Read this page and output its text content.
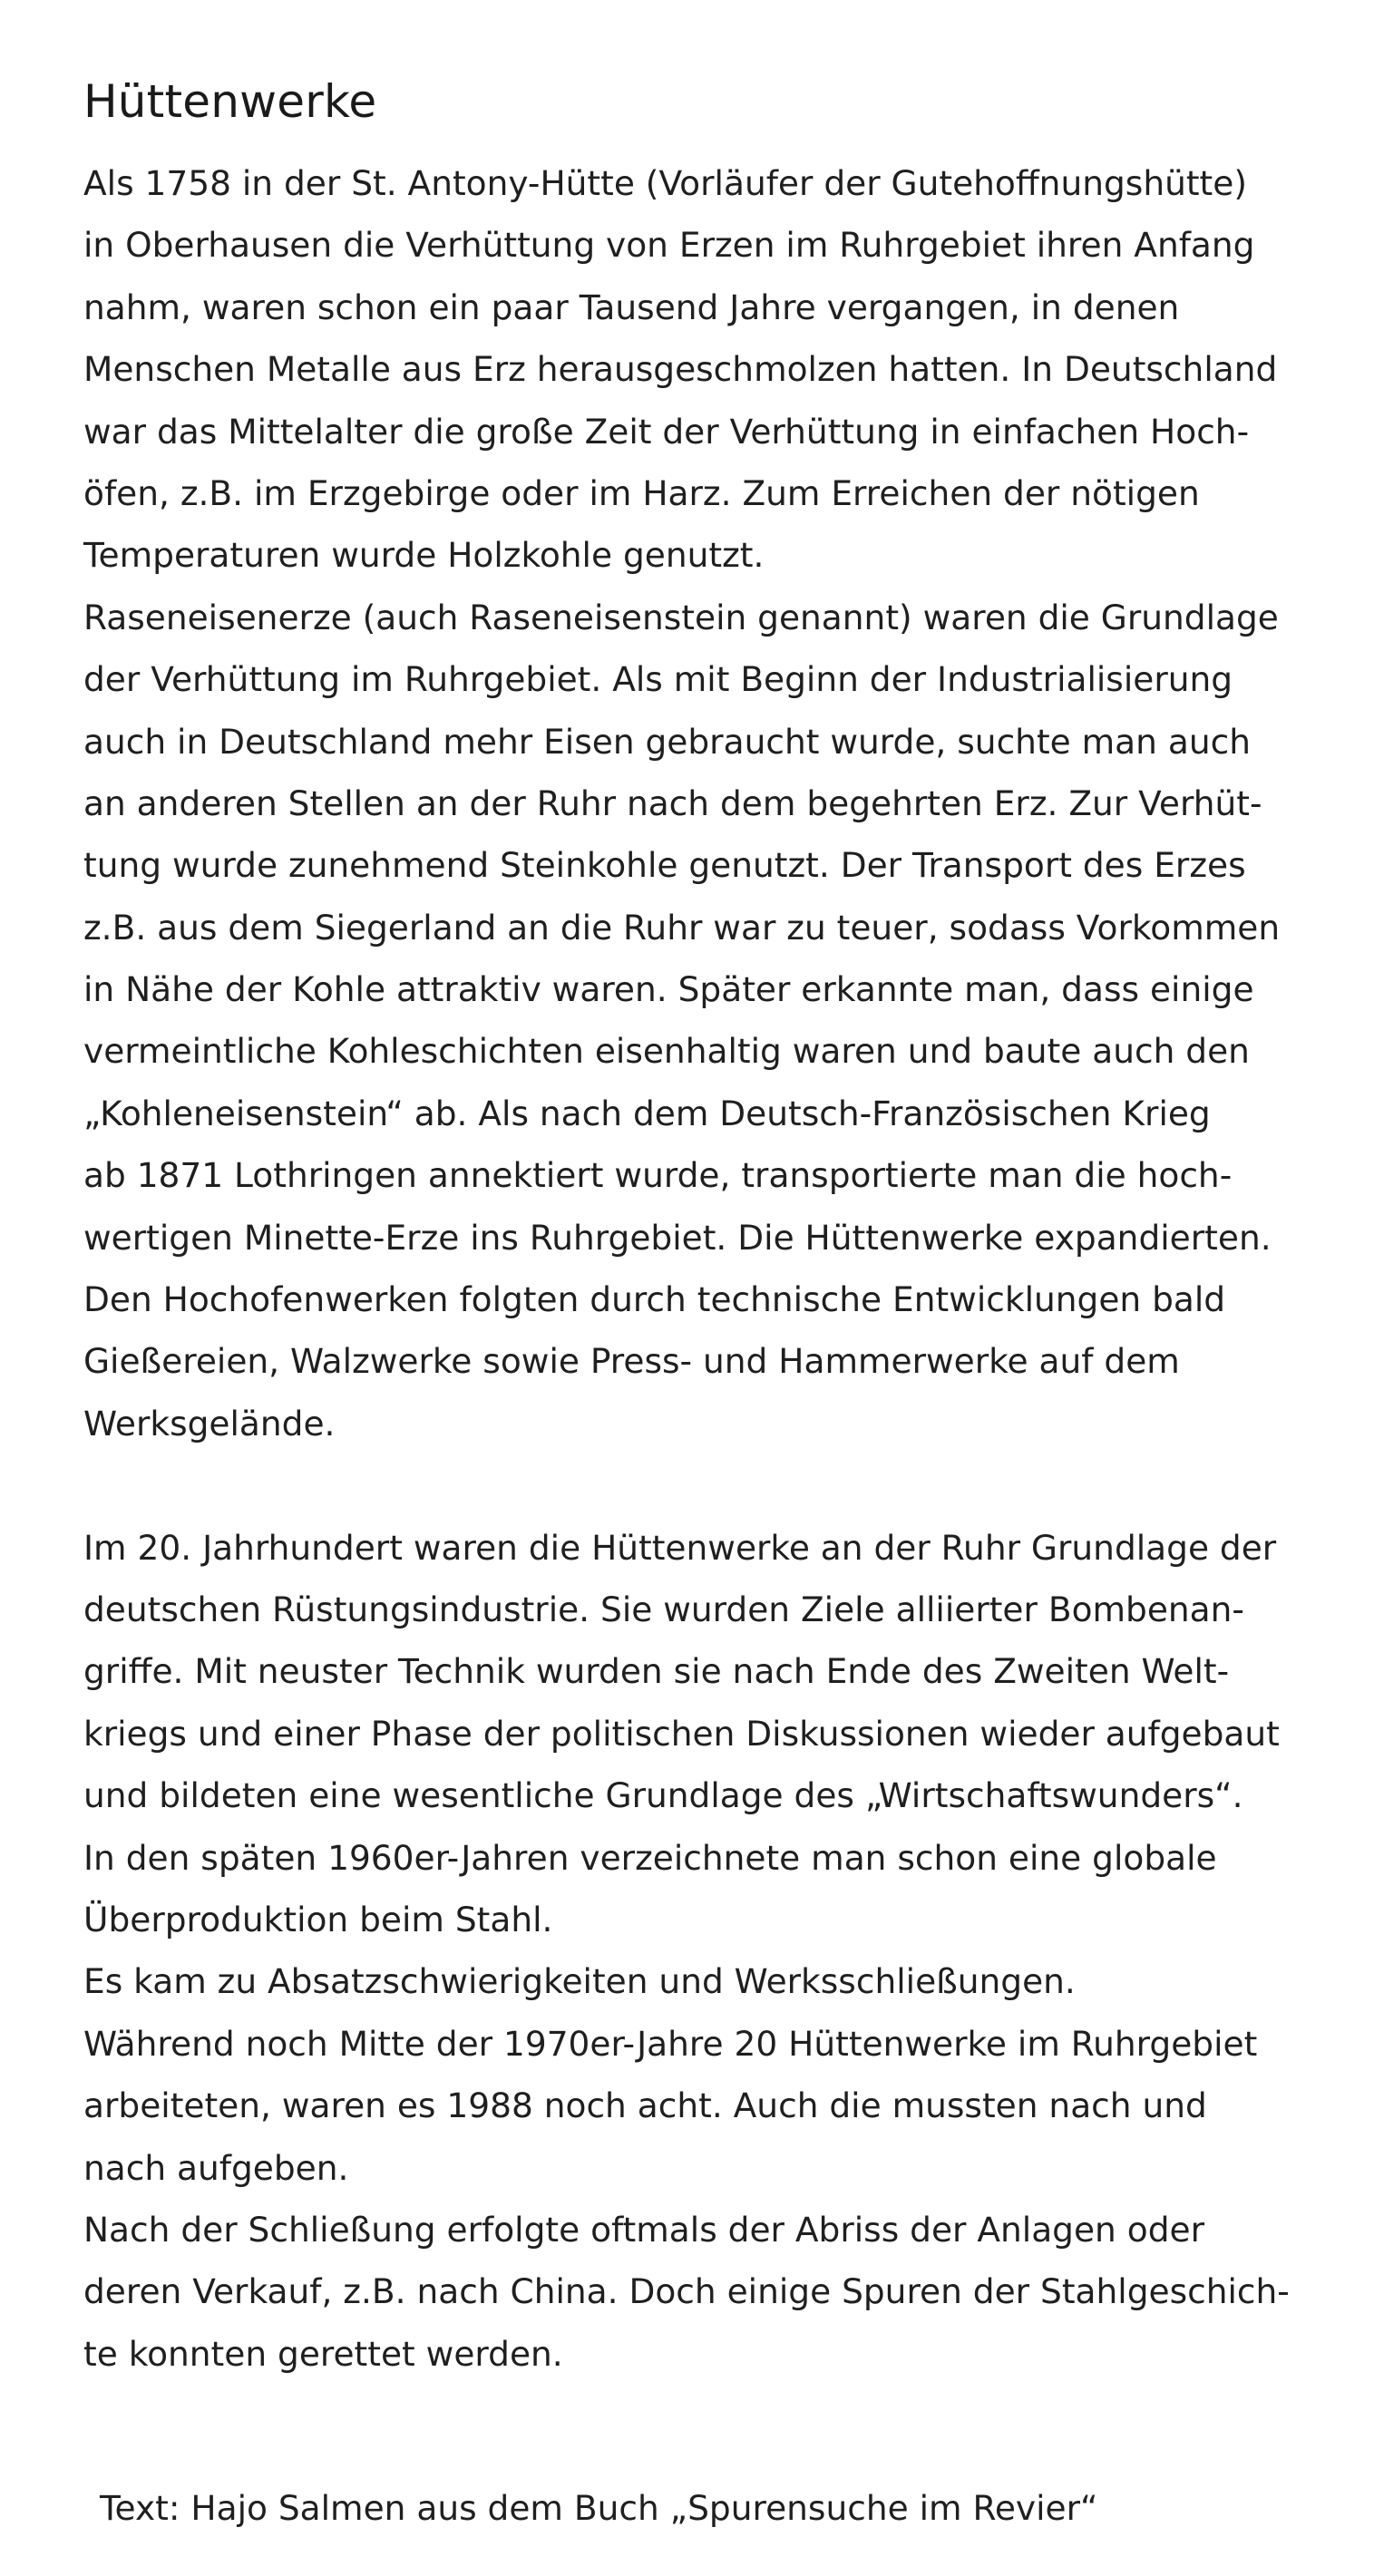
Hüttenwerke
Als 1758 in der St. Antony-Hütte (Vorläufer der Gutehoffnungshütte)
in Oberhausen die Verhüttung von Erzen im Ruhrgebiet ihren Anfang
nahm, waren schon ein paar Tausend Jahre vergangen, in denen
Menschen Metalle aus Erz herausgeschmolzen hatten. In Deutschland
war das Mittelalter die große Zeit der Verhüttung in einfachen Hoch-
öfen, z.B. im Erzgebirge oder im Harz. Zum Erreichen der nötigen
Temperaturen wurde Holzkohle genutzt.
Raseneisenerze (auch Raseneisenstein genannt) waren die Grundlage
der Verhüttung im Ruhrgebiet. Als mit Beginn der Industrialisierung
auch in Deutschland mehr Eisen gebraucht wurde, suchte man auch
an anderen Stellen an der Ruhr nach dem begehrten Erz. Zur Verhüt-
tung wurde zunehmend Steinkohle genutzt. Der Transport des Erzes
z.B. aus dem Siegerland an die Ruhr war zu teuer, sodass Vorkommen
in Nähe der Kohle attraktiv waren. Später erkannte man, dass einige
vermeintliche Kohleschichten eisenhaltig waren und baute auch den
„Kohleneisenstein“ ab. Als nach dem Deutsch-Französischen Krieg
ab 1871 Lothringen annektiert wurde, transportierte man die hoch-
wertigen Minette-Erze ins Ruhrgebiet. Die Hüttenwerke expandierten.
Den Hochofenwerken folgten durch technische Entwicklungen bald
Gießereien, Walzwerke sowie Press- und Hammerwerke auf dem
Werksgelände.
Im 20. Jahrhundert waren die Hüttenwerke an der Ruhr Grundlage der
deutschen Rüstungsindustrie. Sie wurden Ziele alliierter Bombenan-
griffe. Mit neuster Technik wurden sie nach Ende des Zweiten Welt-
kriegs und einer Phase der politischen Diskussionen wieder aufgebaut
und bildeten eine wesentliche Grundlage des „Wirtschaftswunders“.
In den späten 1960er-Jahren verzeichnete man schon eine globale
Überproduktion beim Stahl.
Es kam zu Absatzschwierigkeiten und Werksschließungen.
Während noch Mitte der 1970er-Jahre 20 Hüttenwerke im Ruhrgebiet
arbeiteten, waren es 1988 noch acht. Auch die mussten nach und
nach aufgeben.
Nach der Schließung erfolgte oftmals der Abriss der Anlagen oder
deren Verkauf, z.B. nach China. Doch einige Spuren der Stahlgeschich-
te konnten gerettet werden.
Text: Hajo Salmen aus dem Buch „Spurensuche im Revier“
